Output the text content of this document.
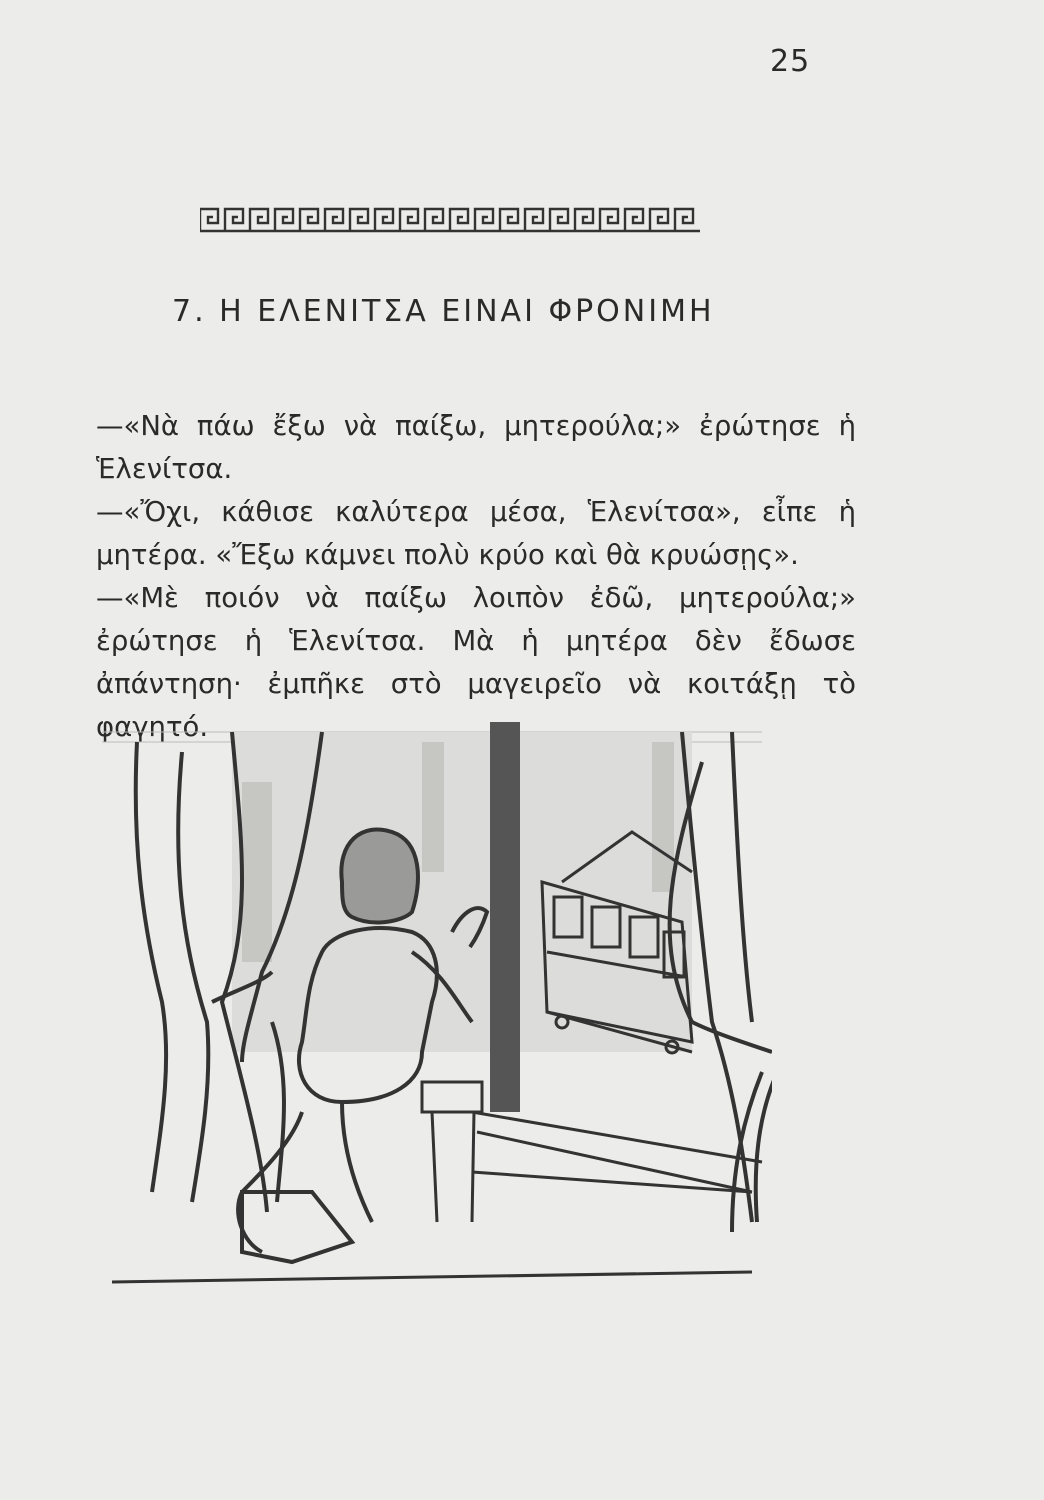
25
7. Η ΕΛΕΝΙΤΣΑ ΕΙΝΑΙ ΦΡΟΝΙΜΗ

—«Νὰ πάω ἔξω νὰ παίξω, μητερούλα;» ἐρώτησε ἡ Ἑλενίτσα.

—«Ὄχι, κάθισε καλύτερα μέσα, Ἑλενίτσα», εἶπε ἡ μητέρα. «Ἔξω κάμνει πολὺ κρύο καὶ θὰ κρυώσῃς».

—«Μὲ ποιόν νὰ παίξω λοιπὸν ἐδῶ, μητερούλα;» ἐρώτησε ἡ Ἑλενίτσα. Μὰ ἡ μητέρα δὲν ἔδωσε ἀπάντηση· ἐμπῆκε στὸ μαγειρεῖο νὰ κοιτάξῃ τὸ φαγητό.
